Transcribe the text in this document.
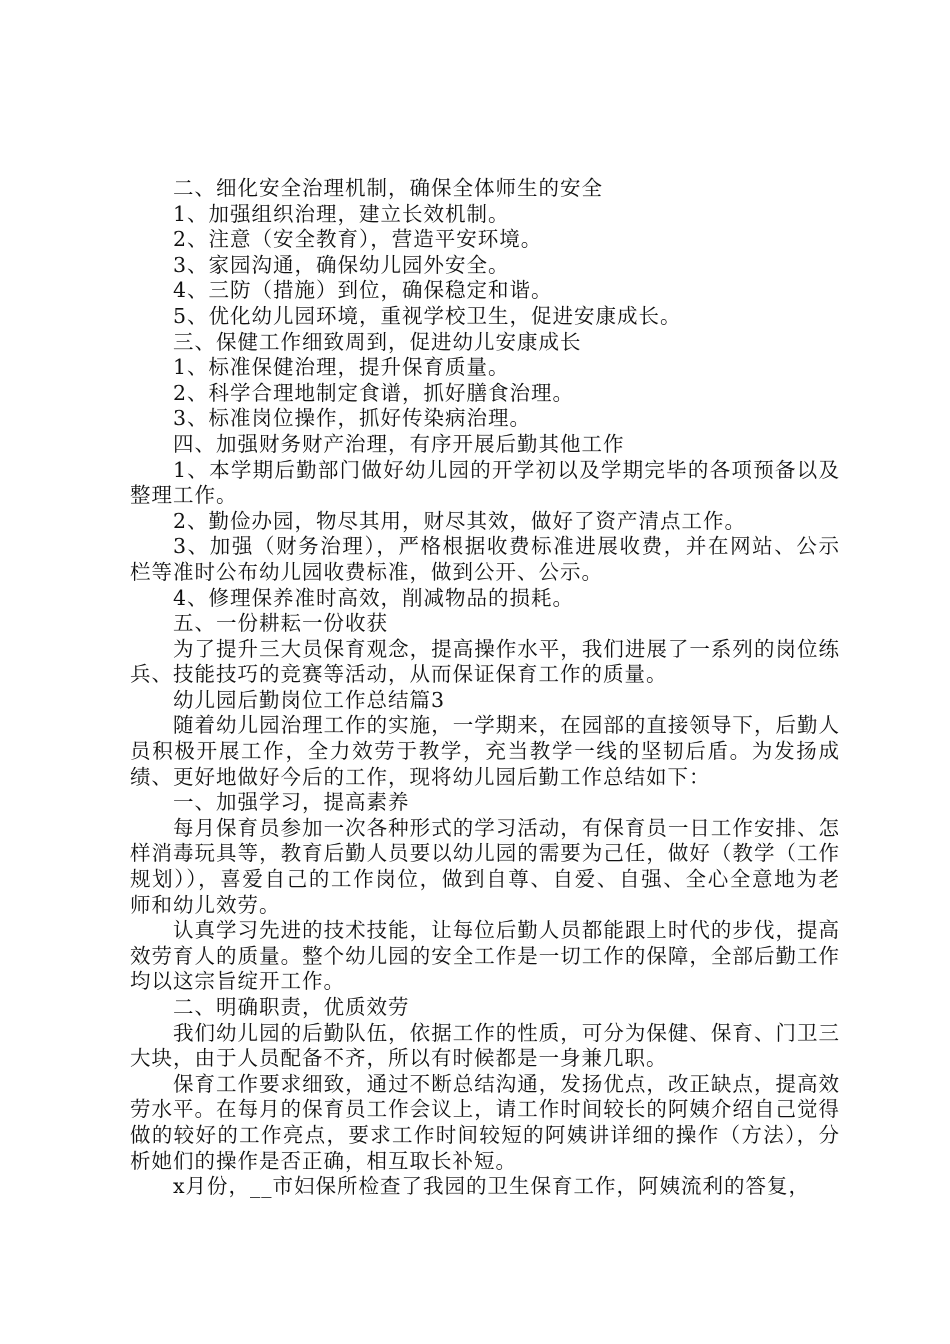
二、细化安全治理机制，确保全体师生的安全

1、加强组织治理，建立长效机制。

2、注意（安全教育），营造平安环境。

3、家园沟通，确保幼儿园外安全。

4、三防（措施）到位，确保稳定和谐。

5、优化幼儿园环境，重视学校卫生，促进安康成长。

三、保健工作细致周到，促进幼儿安康成长

1、标准保健治理，提升保育质量。

2、科学合理地制定食谱，抓好膳食治理。

3、标准岗位操作，抓好传染病治理。

四、加强财务财产治理，有序开展后勤其他工作

1、本学期后勤部门做好幼儿园的开学初以及学期完毕的各项预备以及整理工作。

2、勤俭办园，物尽其用，财尽其效，做好了资产清点工作。

3、加强（财务治理），严格根据收费标准进展收费，并在网站、公示栏等准时公布幼儿园收费标准，做到公开、公示。

4、修理保养准时高效，削减物品的损耗。

五、一份耕耘一份收获

为了提升三大员保育观念，提高操作水平，我们进展了一系列的岗位练兵、技能技巧的竞赛等活动，从而保证保育工作的质量。

幼儿园后勤岗位工作总结篇3

随着幼儿园治理工作的实施，一学期来，在园部的直接领导下，后勤人员积极开展工作，全力效劳于教学，充当教学一线的坚韧后盾。为发扬成绩、更好地做好今后的工作，现将幼儿园后勤工作总结如下：

一、加强学习，提高素养

每月保育员参加一次各种形式的学习活动，有保育员一日工作安排、怎样消毒玩具等，教育后勤人员要以幼儿园的需要为己任，做好（教学（工作规划）），喜爱自己的工作岗位，做到自尊、自爱、自强、全心全意地为老师和幼儿效劳。

认真学习先进的技术技能，让每位后勤人员都能跟上时代的步伐，提高效劳育人的质量。整个幼儿园的安全工作是一切工作的保障，全部后勤工作均以这宗旨绽开工作。

二、明确职责，优质效劳

我们幼儿园的后勤队伍，依据工作的性质，可分为保健、保育、门卫三大块，由于人员配备不齐，所以有时候都是一身兼几职。

保育工作要求细致，通过不断总结沟通，发扬优点，改正缺点，提高效劳水平。在每月的保育员工作会议上，请工作时间较长的阿姨介绍自己觉得做的较好的工作亮点，要求工作时间较短的阿姨讲详细的操作（方法），分析她们的操作是否正确，相互取长补短。

x月份，__市妇保所检查了我园的卫生保育工作，阿姨流利的答复，
